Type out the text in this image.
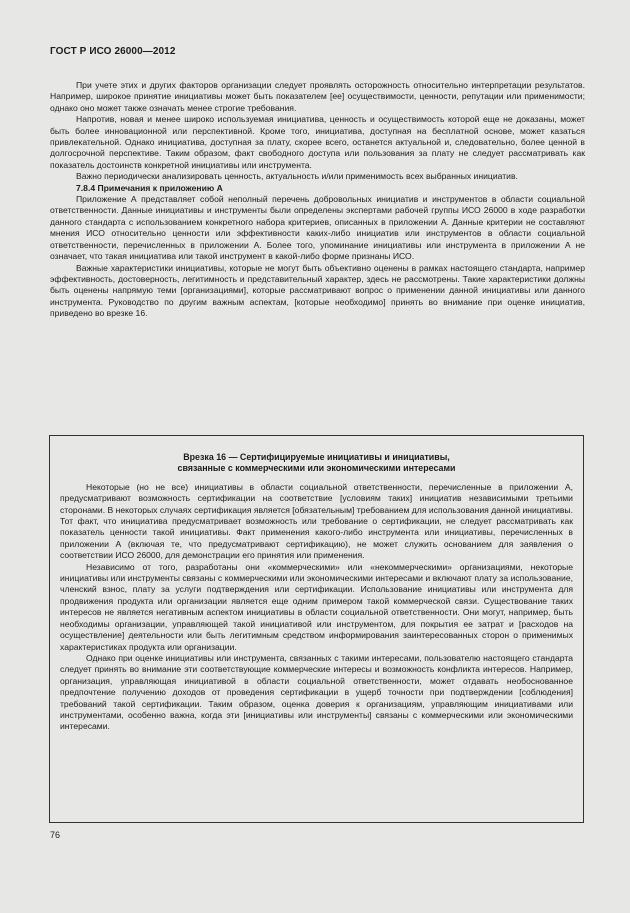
ГОСТ Р ИСО 26000—2012

При учете этих и других факторов организации следует проявлять осторожность относительно интерпретации результатов. Например, широкое принятие инициативы может быть показателем [ее] осуществимости, ценности, репутации или применимости; однако оно может также означать менее строгие требования.

Напротив, новая и менее широко используемая инициатива, ценность и осуществимость которой еще не доказаны, может быть более инновационной или перспективной. Кроме того, инициатива, доступная на бесплатной основе, может казаться привлекательной. Однако инициатива, доступная за плату, скорее всего, останется актуальной и, следовательно, более ценной в долгосрочной перспективе. Таким образом, факт свободного доступа или пользования за плату не следует рассматривать как показатель достоинств конкретной инициативы или инструмента.

Важно периодически анализировать ценность, актуальность и/или применимость всех выбранных инициатив.

7.8.4 Примечания к приложению А

Приложение А представляет собой неполный перечень добровольных инициатив и инструментов в области социальной ответственности. Данные инициативы и инструменты были определены экспертами рабочей группы ИСО 26000 в ходе разработки данного стандарта с использованием конкретного набора критериев, описанных в приложении А. Данные критерии не составляют мнения ИСО относительно ценности или эффективности каких-либо инициатив или инструментов в области социальной ответственности, перечисленных в приложении А. Более того, упоминание инициативы или инструмента в приложении А не означает, что такая инициатива или такой инструмент в какой-либо форме признаны ИСО.

Важные характеристики инициативы, которые не могут быть объективно оценены в рамках настоящего стандарта, например эффективность, достоверность, легитимность и представительный характер, здесь не рассмотрены. Такие характеристики должны быть оценены напрямую теми [организациями], которые рассматривают вопрос о применении данной инициативы или данного инструмента. Руководство по другим важным аспектам, [которые необходимо] принять во внимание при оценке инициатив, приведено во врезке 16.

Врезка 16 — Сертифицируемые инициативы и инициативы,
связанные с коммерческими или экономическими интересами

Некоторые (но не все) инициативы в области социальной ответственности, перечисленные в приложении А, предусматривают возможность сертификации на соответствие [условиям таких] инициатив независимыми третьими сторонами. В некоторых случаях сертификация является [обязательным] требованием для использования данной инициативы. Тот факт, что инициатива предусматривает возможность или требование о сертификации, не следует рассматривать как показатель ценности такой инициативы. Факт применения какого-либо инструмента или инициативы, перечисленных в приложении А (включая те, что предусматривают сертификацию), не может служить основанием для заявления о соответствии ИСО 26000, для демонстрации его принятия или применения.

Независимо от того, разработаны они «коммерческими» или «некоммерческими» организациями, некоторые инициативы или инструменты связаны с коммерческими или экономическими интересами и включают плату за использование, членский взнос, плату за услуги подтверждения или сертификации. Использование инициативы или инструмента для продвижения продукта или организации является еще одним примером такой коммерческой связи. Существование таких интересов не является негативным аспектом инициативы в области социальной ответственности. Они могут, например, быть необходимы организации, управляющей такой инициативой или инструментом, для покрытия ее затрат и [расходов на осуществление] деятельности или быть легитимным средством информирования заинтересованных сторон о применимых характеристиках продукта или организации.

Однако при оценке инициативы или инструмента, связанных с такими интересами, пользователю настоящего стандарта следует принять во внимание эти соответствующие коммерческие интересы и возможность конфликта интересов. Например, организация, управляющая инициативой в области социальной ответственности, может отдавать необоснованное предпочтение получению доходов от проведения сертификации в ущерб точности при подтверждении [соблюдения] требований такой сертификации. Таким образом, оценка доверия к организациям, управляющим инициативами или инструментами, особенно важна, когда эти [инициативы или инструменты] связаны с коммерческими или экономическими интересами.

76
